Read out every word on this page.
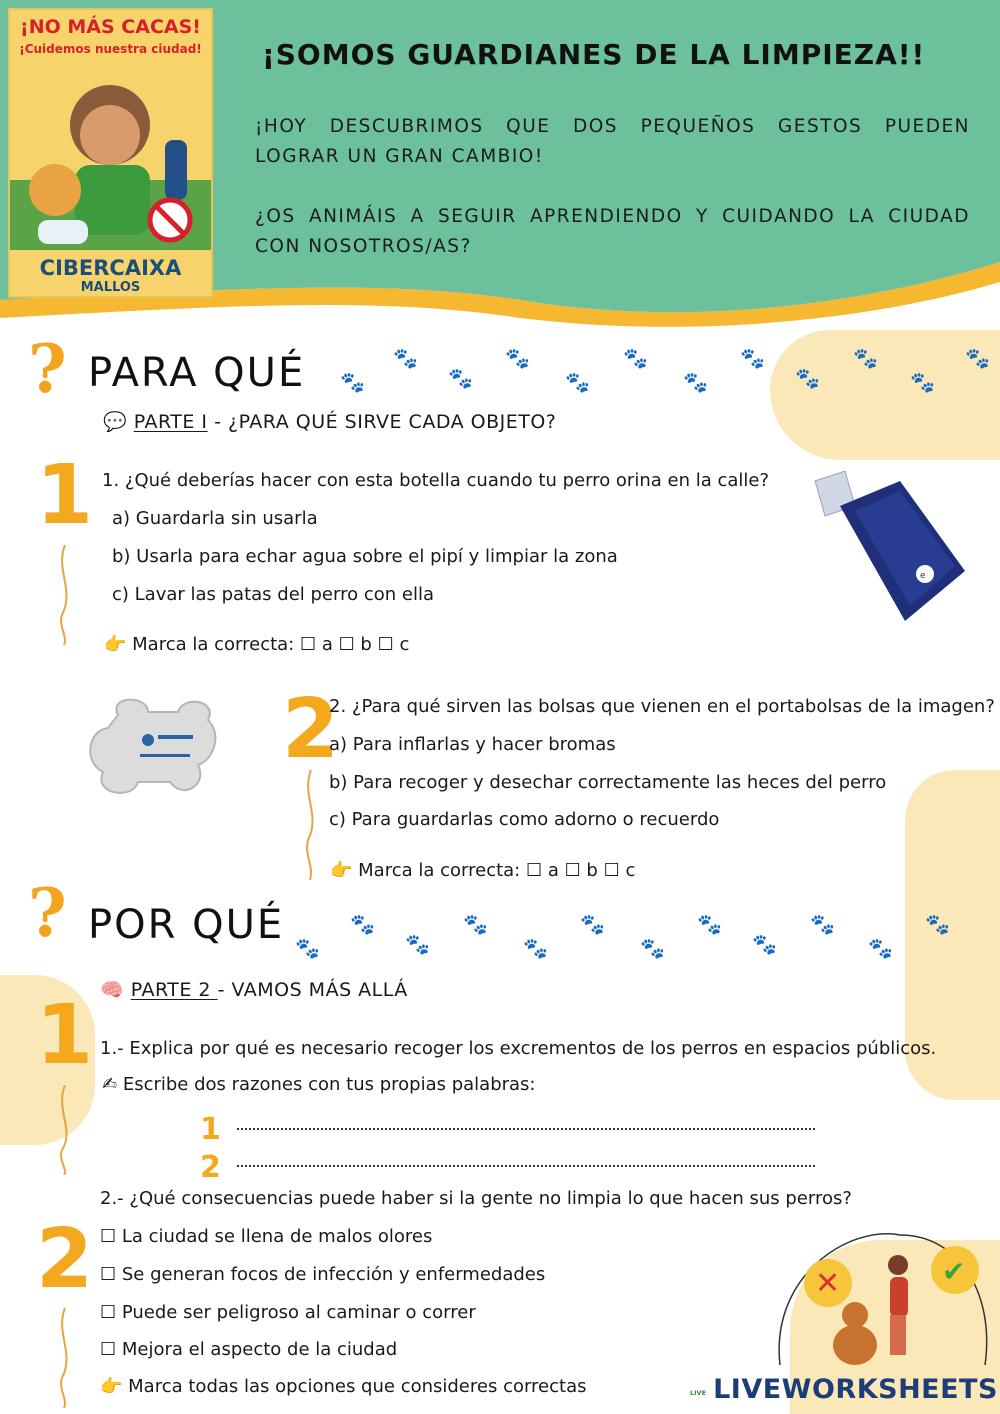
¡NO MÁS CACAS!
¡Cuidemos nuestra ciudad!
CIBERCAIXA
MALLOS
¡SOMOS GUARDIANES DE LA LIMPIEZA!!
¡HOY DESCUBRIMOS QUE DOS PEQUEÑOS GESTOS PUEDEN LOGRAR UN GRAN CAMBIO!
¿OS ANIMÁIS A SEGUIR APRENDIENDO Y CUIDANDO LA CIUDAD CON NOSOTROS/AS?
? PARA QUÉ 🐾
🐾
🐾
🐾
🐾
🐾
🐾
🐾
🐾
🐾
🐾
🐾
💬 PARTE I - ¿PARA QUÉ SIRVE CADA OBJETO?
1 1. ¿Qué deberías hacer con esta botella cuando tu perro orina en la calle?
a) Guardarla sin usarla
b) Usarla para echar agua sobre el pipí y limpiar la zona
c) Lavar las patas del perro con ella
👉 Marca la correcta: ☐ a ☐ b ☐ c
e
2
2. ¿Para qué sirven las bolsas que vienen en el portabolsas de la imagen?
a) Para inflarlas y hacer bromas
b) Para recoger y desechar correctamente las heces del perro
c) Para guardarlas como adorno o recuerdo
👉 Marca la correcta: ☐ a ☐ b ☐ c
? POR QUÉ 🐾
🐾
🐾
🐾
🐾
🐾
🐾
🐾
🐾
🐾
🐾
🐾
🧠 PARTE 2 - VAMOS MÁS ALLÁ
1 1.- Explica por qué es necesario recoger los excrementos de los perros en espacios públicos.
✍ Escribe dos razones con tus propias palabras:
1
2
2.- ¿Qué consecuencias puede haber si la gente no limpia lo que hacen sus perros?
2 ☐ La ciudad se llena de malos olores
☐ Se generan focos de infección y enfermedades
☐ Puede ser peligroso al caminar o correr
☐ Mejora el aspecto de la ciudad
👉 Marca todas las opciones que consideres correctas
✕	✔
LIVE LIVEWORKSHEETS
